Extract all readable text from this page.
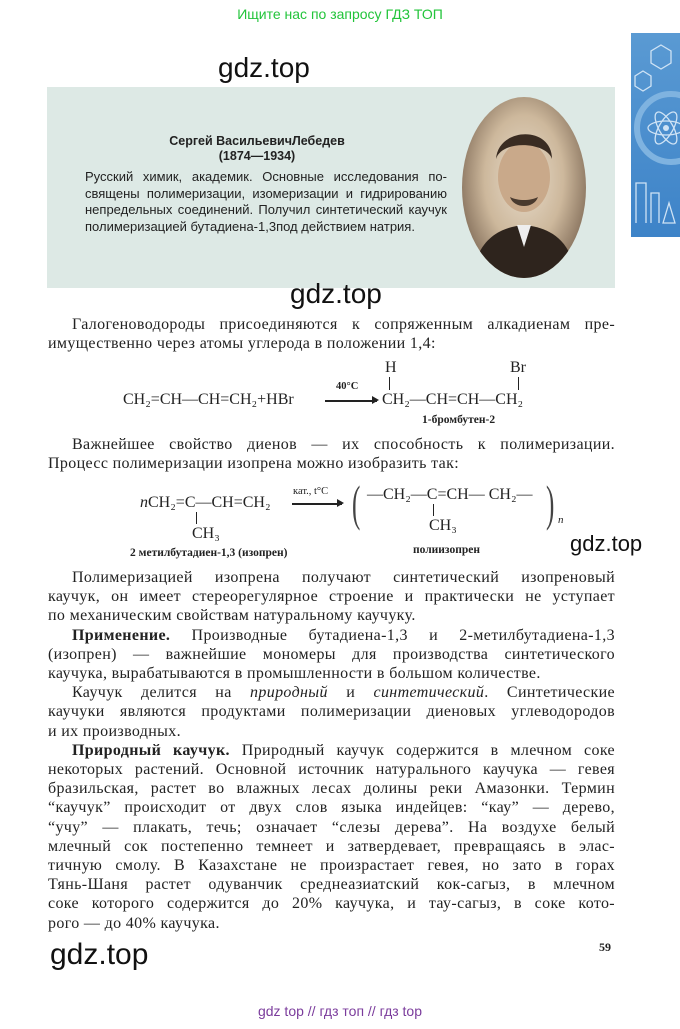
Ищите нас по запросу ГДЗ ТОП
gdz.top
Сергей ВасильевичЛебедев
(1874—1934)
Русский химик, академик. Основные исследования по-
священы полимеризации, изомеризации и гидрированию
непредельных соединений. Получил синтетический каучук
полимеризацией бутадиена-1,3под действием натрия.
gdz.top
Галогеноводороды присоединяются к сопряженным алкадиенам пре-
имущественно через атомы углерода в положении 1,4:
CH₂=CH—CH=CH₂+HBr
40°C
→ CH₂—CH=CH—CH₂
H	Br
1-бромбутен-2
Важнейшее свойство диенов — их способность к полимеризации.
Процесс полимеризации изопрена можно изобразить так:
nCH₂=C—CH=CH₂
CH₃
кат., t°C → ( —CH₂—C=CH— CH₂—
CH₃ ) n
2 метилбутадиен-1,3 (изопрен)	полиизопрен	gdz.top
Полимеризацией изопрена получают синтетический изопреновый
каучук, он имеет стереорегулярное строение и практически не уступает
по механическим свойствам натуральному каучуку.
Применение. Производные бутадиена-1,3 и 2-метилбутадиена-1,3
(изопрен) — важнейшие мономеры для производства синтетического
каучука, вырабатываются в промышленности в большом количестве.
Каучук делится на природный и синтетический. Синтетические
каучуки являются продуктами полимеризации диеновых углеводородов
и их производных.
Природный каучук. Природный каучук содержится в млечном соке
некоторых растений. Основной источник натурального каучука — гевея
бразильская, растет во влажных лесах долины реки Амазонки. Термин
“каучук” происходит от двух слов языка индейцев: “кау” — дерево,
“учу” — плакать, течь; означает “слезы дерева”. На воздухе белый
млечный сок постепенно темнеет и затвердевает, превращаясь в элас-
тичную смолу. В Казахстане не произрастает гевея, но зато в горах
Тянь-Шаня растет одуванчик среднеазиатский кок-сагыз, в млечном
соке которого содержится до 20% каучука, и тау-сагыз, в соке кото-
рого — до 40% каучука.
gdz.top	59
gdz top // гдз топ // гдз top
